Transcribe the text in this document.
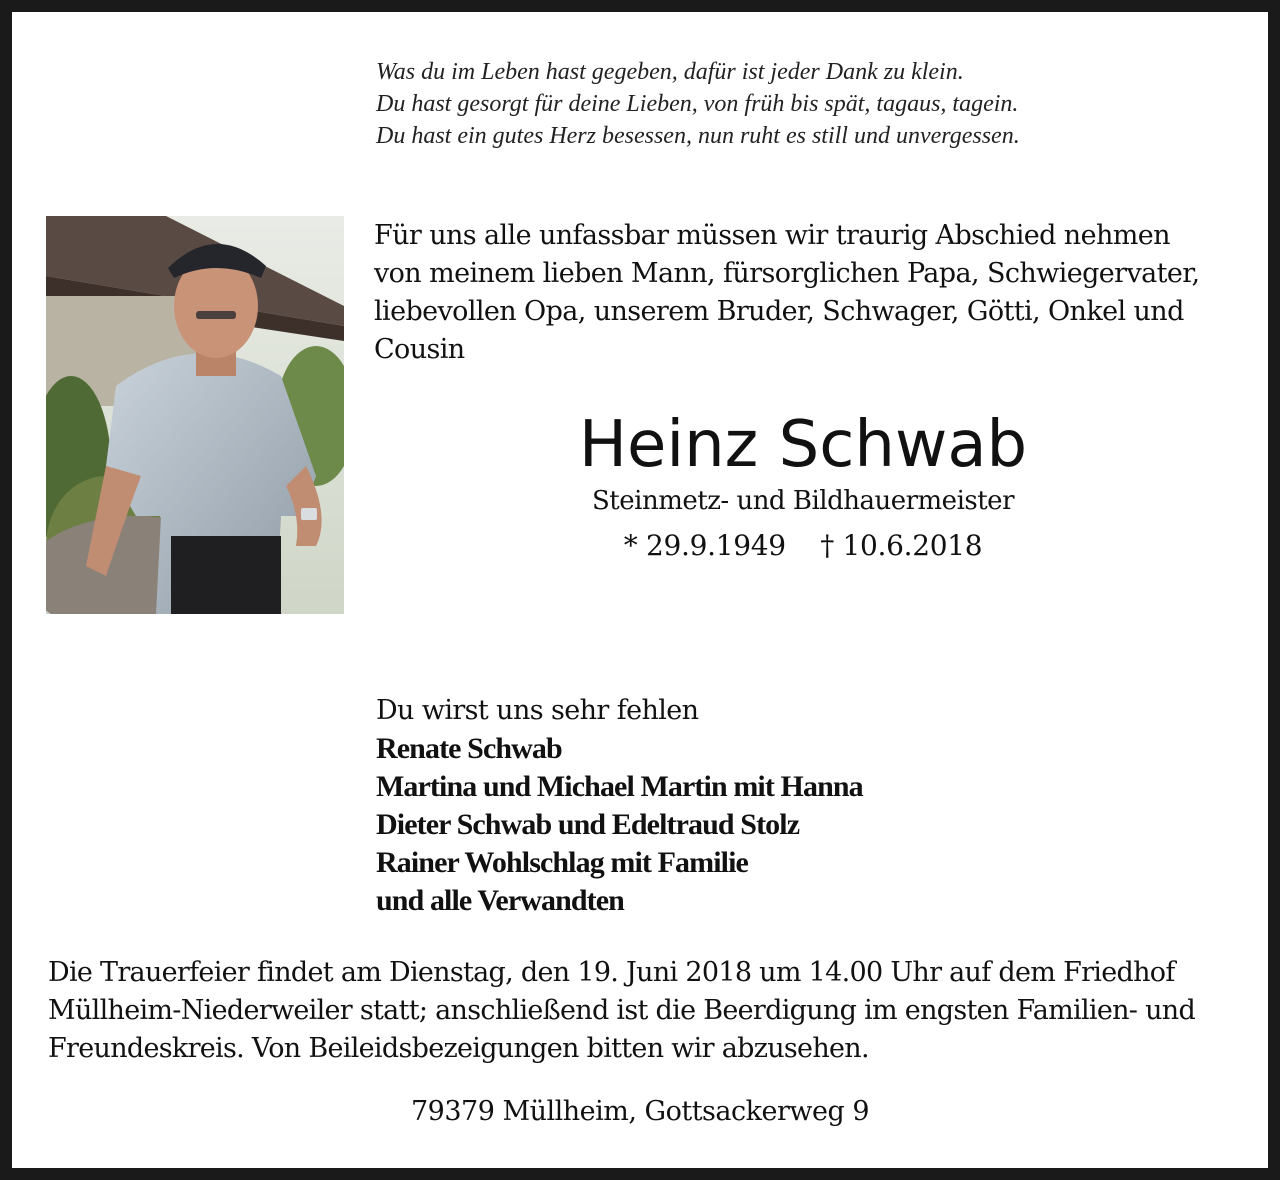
Was du im Leben hast gegeben, dafür ist jeder Dank zu klein.
Du hast gesorgt für deine Lieben, von früh bis spät, tagaus, tagein.
Du hast ein gutes Herz besessen, nun ruht es still und unvergessen.
Für uns alle unfassbar müssen wir traurig Abschied nehmen
von meinem lieben Mann, fürsorglichen Papa, Schwiegervater,
liebevollen Opa, unserem Bruder, Schwager, Götti, Onkel und
Cousin
Heinz Schwab
Steinmetz- und Bildhauermeister
* 29.9.1949 † 10.6.2018
Du wirst uns sehr fehlen
Renate Schwab
Martina und Michael Martin mit Hanna
Dieter Schwab und Edeltraud Stolz
Rainer Wohlschlag mit Familie
und alle Verwandten
Die Trauerfeier findet am Dienstag, den 19. Juni 2018 um 14.00 Uhr auf dem Friedhof
Müllheim-Niederweiler statt; anschließend ist die Beerdigung im engsten Familien- und
Freundeskreis. Von Beileidsbezeigungen bitten wir abzusehen.
79379 Müllheim, Gottsackerweg 9
